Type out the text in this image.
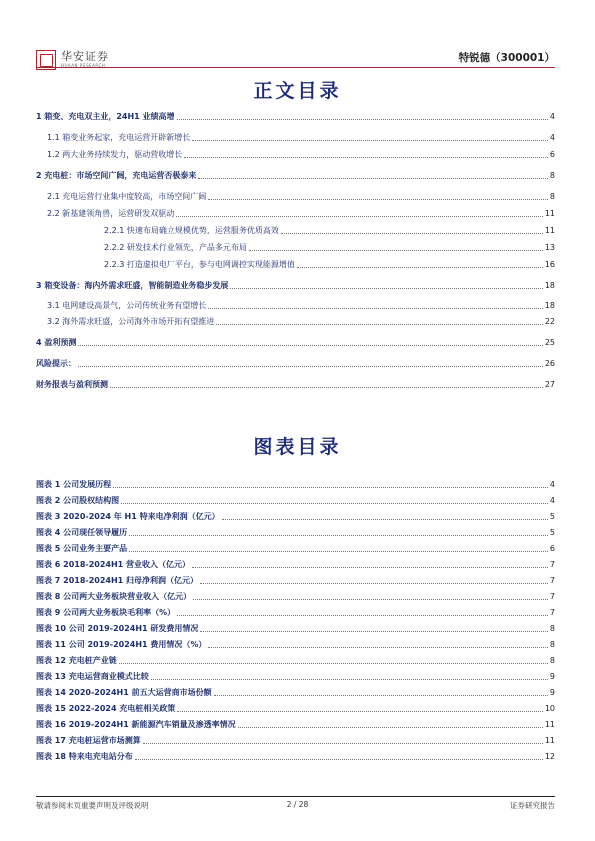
华安证券
HUAAN RESEARCH
特锐德（300001）
正文目录
1 箱变、充电双主业，24H1 业绩高增	4
1.1 箱变业务起家，充电运营开辟新增长	4
1.2 两大业务持续发力，驱动营收增长	6
2 充电桩：市场空间广阔，充电运营否极泰来	8
2.1 充电运营行业集中度较高，市场空间广阔	8
2.2 新基建领角兽，运营研发双驱动	11
2.2.1 快速布局确立规模优势，运营服务优质高效	11
2.2.2 研发技术行业领先，产品多元布局	13
2.2.3 打造虚拟电厂平台，参与电网调控实现能源增值	16
3 箱变设备：海内外需求旺盛，智能制造业务稳步发展	18
3.1 电网建设高景气，公司传统业务有望增长	18
3.2 海外需求旺盛，公司海外市场开拓有望推进	22
4 盈利预测	25
风险提示：	26
财务报表与盈利预测	27
图表目录
图表 1 公司发展历程	4
图表 2 公司股权结构图	4
图表 3 2020-2024 年 H1 特来电净利润（亿元）	5
图表 4 公司现任领导履历	5
图表 5 公司业务主要产品	6
图表 6 2018-2024H1 营业收入（亿元）	7
图表 7 2018-2024H1 归母净利润（亿元）	7
图表 8 公司两大业务板块营业收入（亿元）	7
图表 9 公司两大业务板块毛利率（%）	7
图表 10 公司 2019-2024H1 研发费用情况	8
图表 11 公司 2019-2024H1 费用情况（%）	8
图表 12 充电桩产业链	8
图表 13 充电运营商业模式比较	9
图表 14 2020-2024H1 前五大运营商市场份额	9
图表 15 2022-2024 充电桩相关政策	10
图表 16 2019-2024H1 新能源汽车销量及渗透率情况	11
图表 17 充电桩运营市场测算	11
图表 18 特来电充电站分布	12
敬请参阅末页重要声明及评级说明	2 / 28	证券研究报告
